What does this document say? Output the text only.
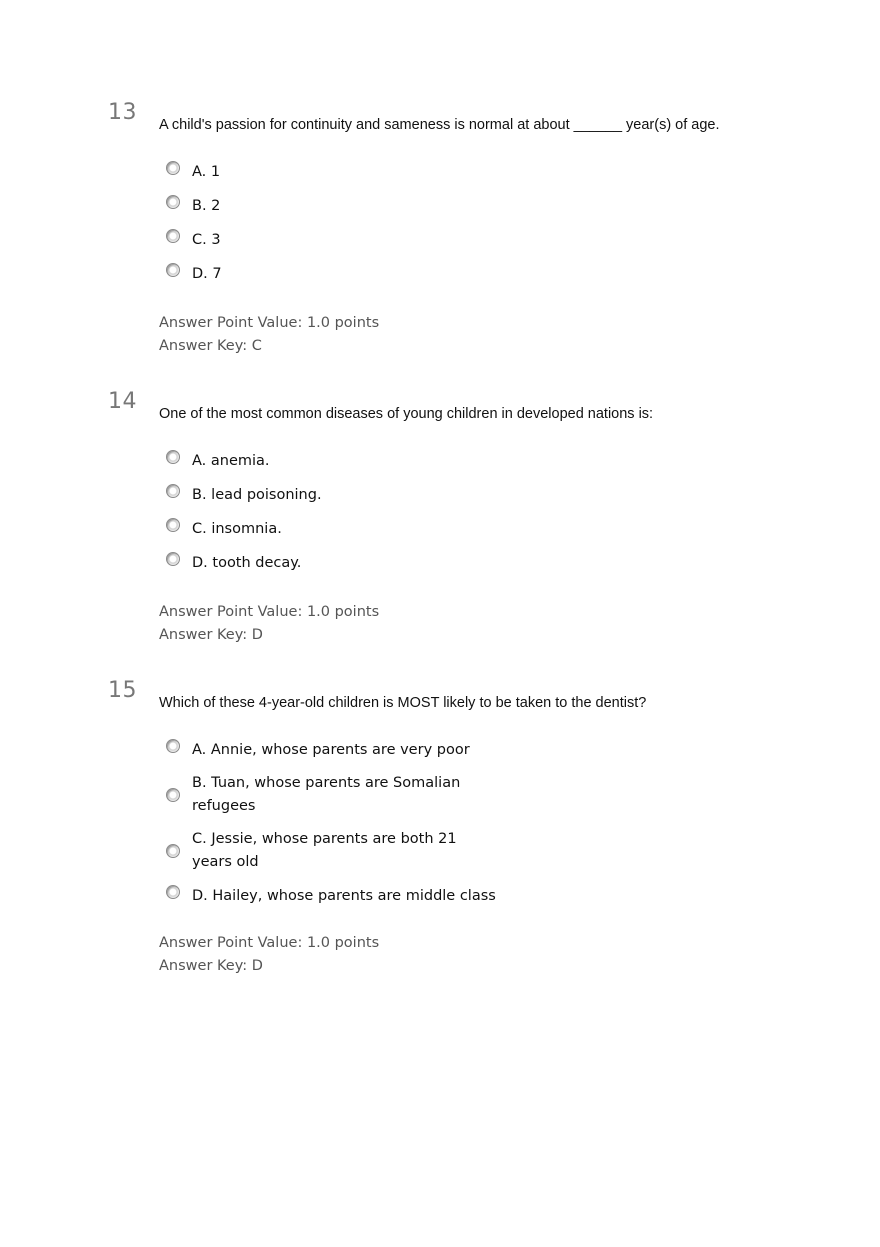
13 A child's passion for continuity and sameness is normal at about ______ year(s) of age.
A. 1
B. 2
C. 3
D. 7
Answer Point Value: 1.0 points
Answer Key: C
14 One of the most common diseases of young children in developed nations is:
A. anemia.
B. lead poisoning.
C. insomnia.
D. tooth decay.
Answer Point Value: 1.0 points
Answer Key: D
15 Which of these 4-year-old children is MOST likely to be taken to the dentist?
A. Annie, whose parents are very poor
B. Tuan, whose parents are Somalian refugees
C. Jessie, whose parents are both 21 years old
D. Hailey, whose parents are middle class
Answer Point Value: 1.0 points
Answer Key: D
